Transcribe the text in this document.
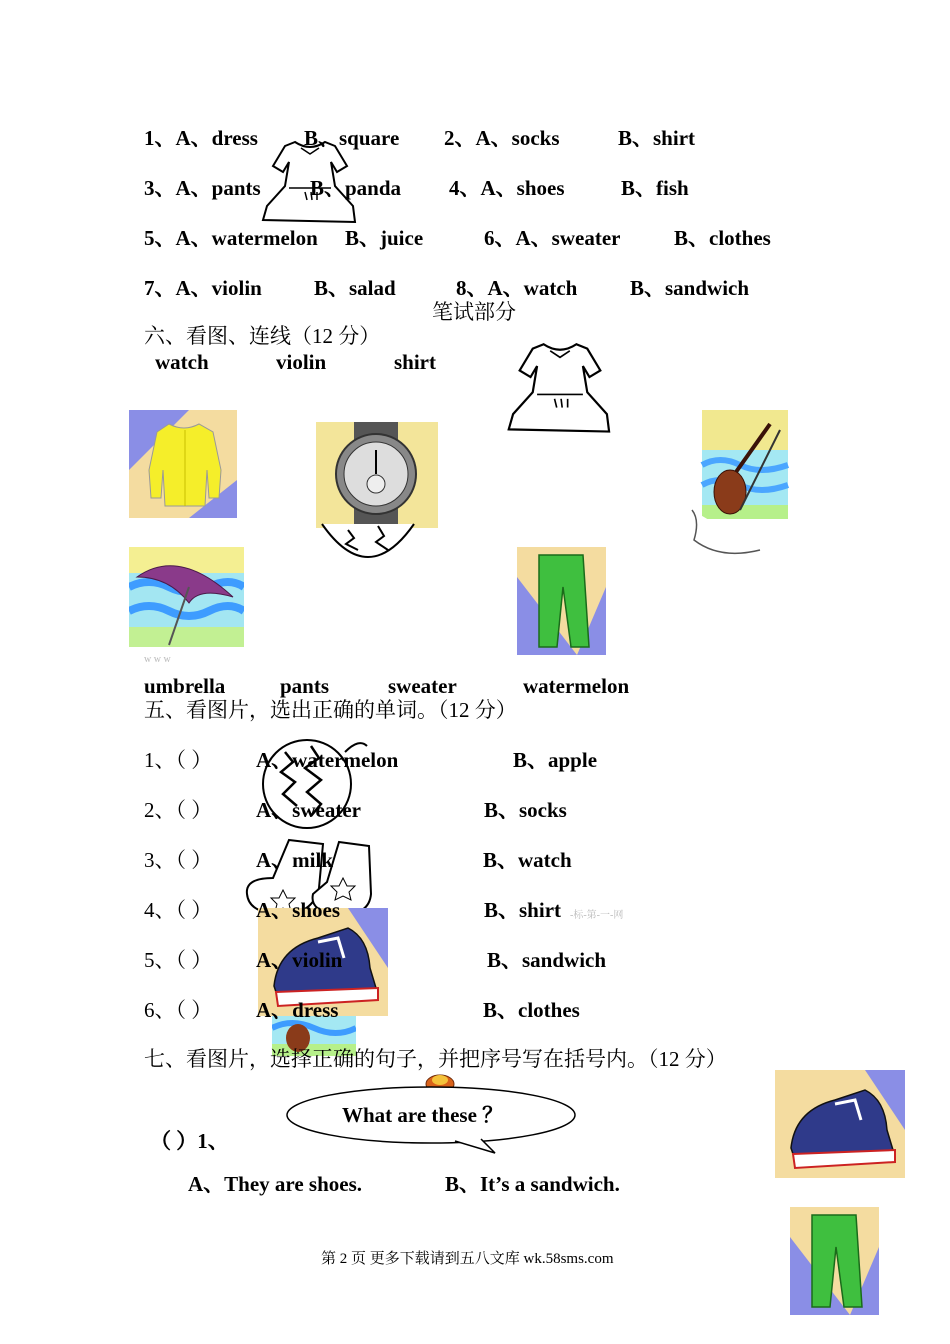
1、A、dress B、square 2、A、socks	B、shirt
3、A、pants B、panda 4、A、shoes	B、fish
5、A、watermelon B、juice	6、A、sweater	B、clothes
7、A、violin B、salad	8、A、watch	B、sandwich
笔试部分
六、看图、连线（12 分）
watch	violin	shirt
w w w
umbrella	pants	sweater	watermelon
五、看图片，选出正确的单词。（12 分）
1、（ ） A、watermelon	B、apple
2、（ ） A、sweater	B、socks
3、（ ） A、milk	B、watch
4、（ ） A、shoes	B、shirt -标-第-一-网
5、（ ） A、violin	B、sandwich
6、（ ） A、dress	B、clothes
七、看图片，选择正确的句子，并把序号写在括号内。（12 分）
What are these ？
（ ）1、
A、They are shoes.	B、It’s a sandwich.
第 2 页 更多下载请到五八文库 wk.58sms.com
